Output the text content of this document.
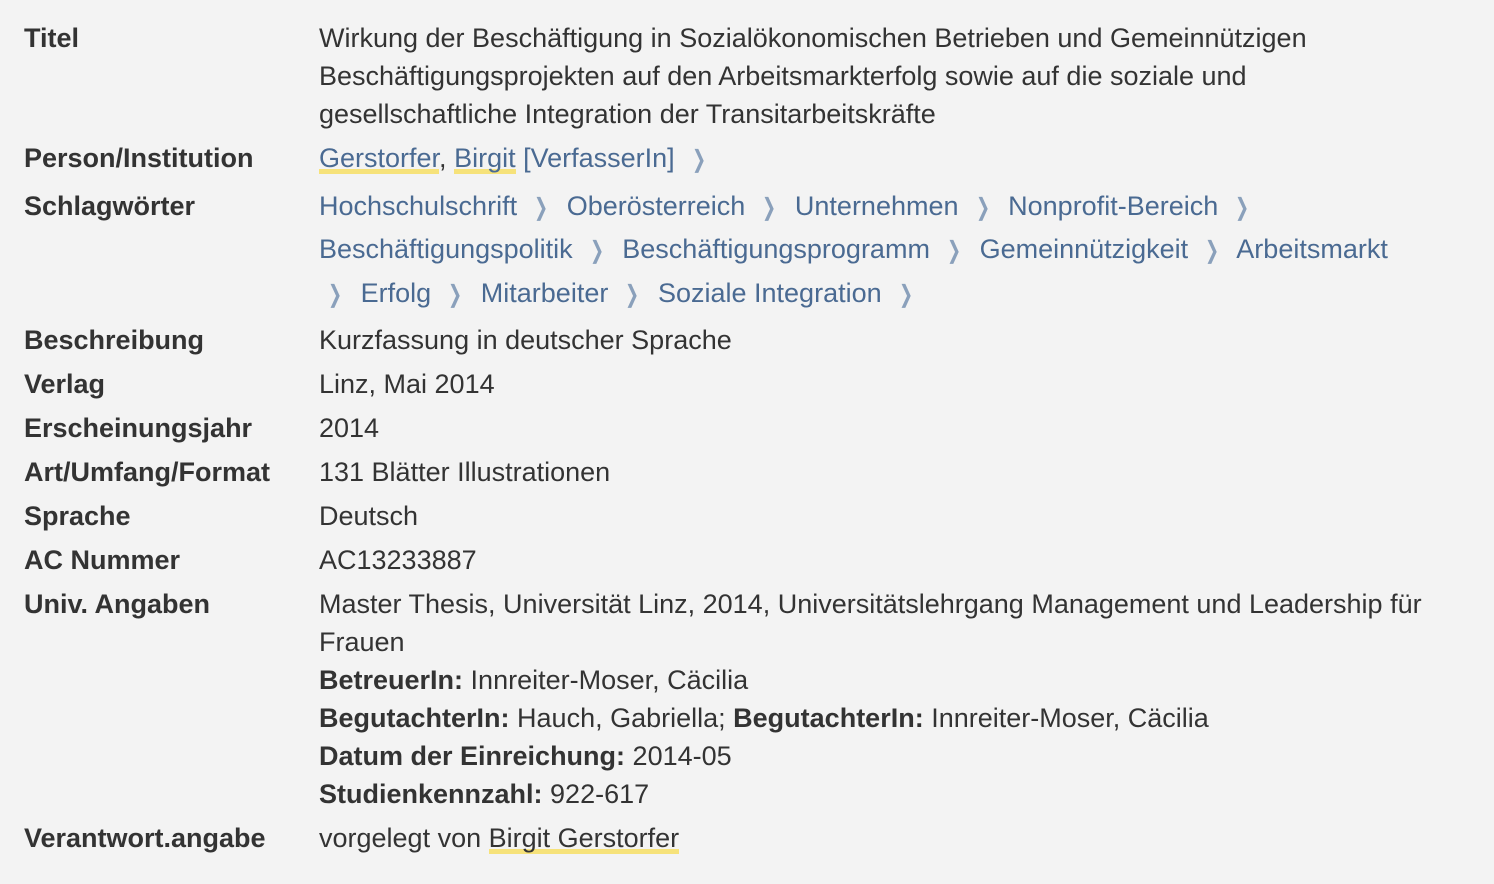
Titel	Wirkung der Beschäftigung in Sozialökonomischen Betrieben und Gemeinnützigen
Beschäftigungsprojekten auf den Arbeitsmarkterfolg sowie auf die soziale und
gesellschaftliche Integration der Transitarbeitskräfte
Person/Institution Gerstorfer, Birgit [VerfasserIn] ❯
Schlagwörter	Hochschulschrift ❯ Oberösterreich ❯ Unternehmen ❯ Nonprofit-Bereich ❯
Beschäftigungspolitik ❯ Beschäftigungsprogramm ❯ Gemeinnützigkeit ❯ Arbeitsmarkt
❯ Erfolg ❯ Mitarbeiter ❯ Soziale Integration ❯
Beschreibung	Kurzfassung in deutscher Sprache
Verlag	Linz, Mai 2014
Erscheinungsjahr 2014
Art/Umfang/Format 131 Blätter Illustrationen
Sprache	Deutsch
AC Nummer	AC13233887
Univ. Angaben	Master Thesis, Universität Linz, 2014, Universitätslehrgang Management und Leadership für
Frauen
BetreuerIn: Innreiter-Moser, Cäcilia
BegutachterIn: Hauch, Gabriella; BegutachterIn: Innreiter-Moser, Cäcilia
Datum der Einreichung: 2014-05
Studienkennzahl: 922-617
Verantwort.angabe vorgelegt von Birgit Gerstorfer
